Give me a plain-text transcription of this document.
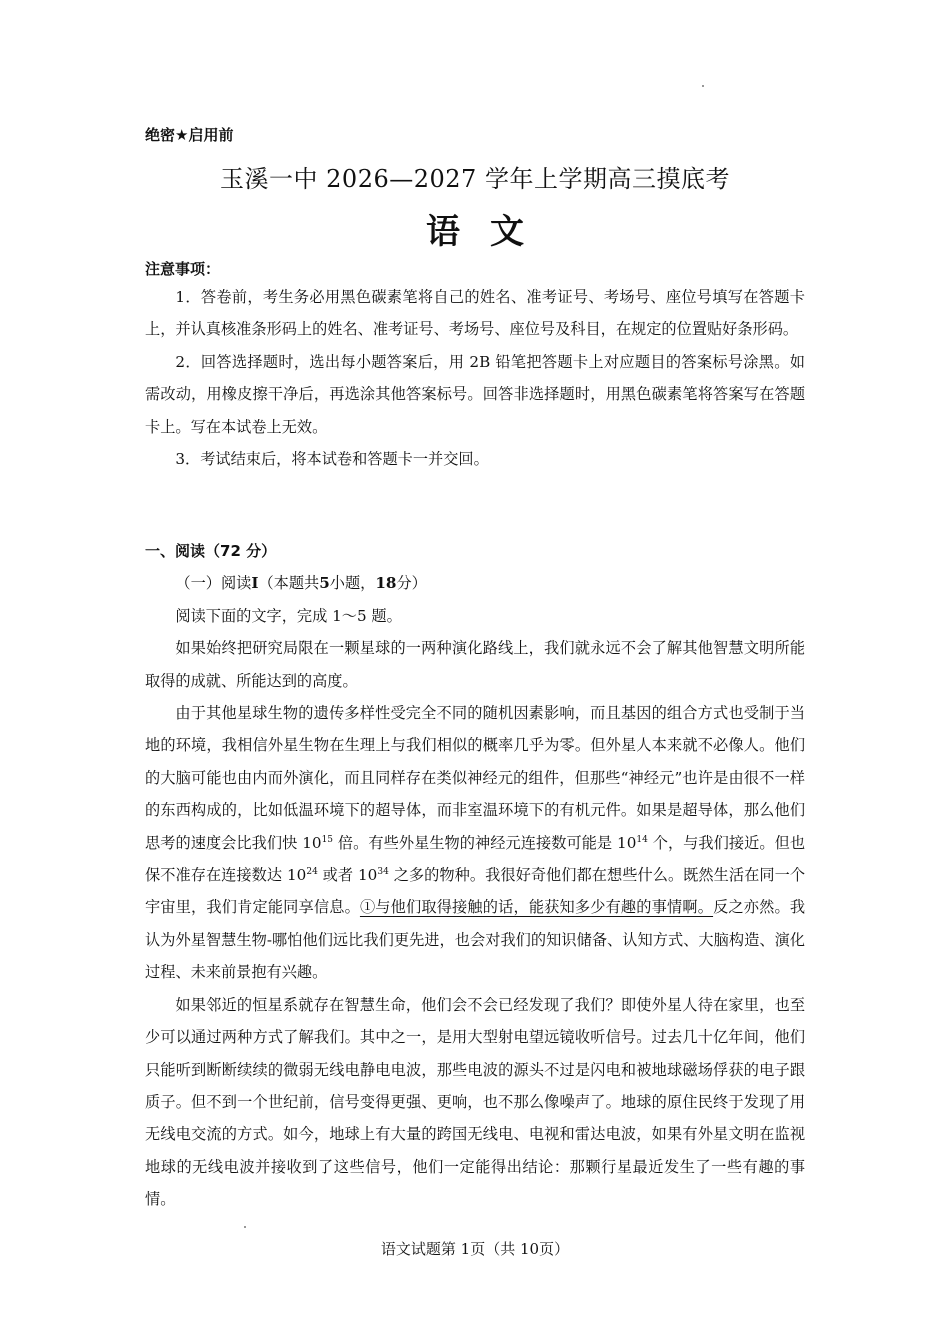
绝密★启用前
玉溪一中 2026—2027 学年上学期高三摸底考
语文
注意事项：

1．答卷前，考生务必用黑色碳素笔将自己的姓名、准考证号、考场号、座位号填写在答题卡上，并认真核准条形码上的姓名、准考证号、考场号、座位号及科目，在规定的位置贴好条形码。

2．回答选择题时，选出每小题答案后，用 2B 铅笔把答题卡上对应题目的答案标号涂黑。如需改动，用橡皮擦干净后，再选涂其他答案标号。回答非选择题时，用黑色碳素笔将答案写在答题卡上。写在本试卷上无效。

3．考试结束后，将本试卷和答题卡一并交回。

一、阅读（72 分）

（一）阅读I（本题共5小题，18分）

阅读下面的文字，完成 1～5 题。

如果始终把研究局限在一颗星球的一两种演化路线上，我们就永远不会了解其他智慧文明所能取得的成就、所能达到的高度。

由于其他星球生物的遗传多样性受完全不同的随机因素影响，而且基因的组合方式也受制于当地的环境，我相信外星生物在生理上与我们相似的概率几乎为零。但外星人本来就不必像人。他们的大脑可能也由内而外演化，而且同样存在类似神经元的组件，但那些“神经元”也许是由很不一样的东西构成的，比如低温环境下的超导体，而非室温环境下的有机元件。如果是超导体，那么他们思考的速度会比我们快 $10^{15}$ 倍。有些外星生物的神经元连接数可能是 $10^{14}$ 个，与我们接近。但也保不准存在连接数达 $10^{24}$ 或者 $10^{34}$ 之多的物种。我很好奇他们都在想些什么。既然生活在同一个宇宙里，我们肯定能同享信息。①与他们取得接触的话，能获知多少有趣的事情啊。反之亦然。我认为外星智慧生物-哪怕他们远比我们更先进，也会对我们的知识储备、认知方式、大脑构造、演化过程、未来前景抱有兴趣。

如果邻近的恒星系就存在智慧生命，他们会不会已经发现了我们？即使外星人待在家里，也至少可以通过两种方式了解我们。其中之一，是用大型射电望远镜收听信号。过去几十亿年间，他们只能听到断断续续的微弱无线电静电电波，那些电波的源头不过是闪电和被地球磁场俘获的电子跟质子。但不到一个世纪前，信号变得更强、更响，也不那么像噪声了。地球的原住民终于发现了用无线电交流的方式。如今，地球上有大量的跨国无线电、电视和雷达电波，如果有外星文明在监视地球的无线电波并接收到了这些信号，他们一定能得出结论：那颗行星最近发生了一些有趣的事情。

语文试题第 1页（共 10页）
